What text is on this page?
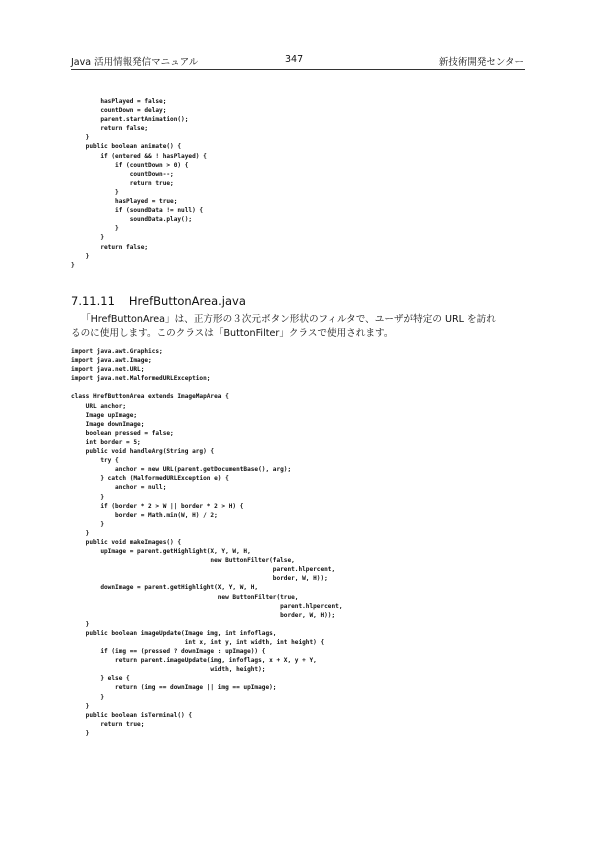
Java 活用情報発信マニュアル	347	新技術開発センター
hasPlayed = false;
countDown = delay;
parent.startAnimation();
return false;
}
public boolean animate() {
if (entered && ! hasPlayed) {
if (countDown > 0) {
countDown--;
return true;
}
hasPlayed = true;
if (soundData != null) {
soundData.play();
}
}
return false;
}
}
7.11.11 HrefButtonArea.java
「HrefButtonArea」は、正方形の３次元ボタン形状のフィルタで、ユーザが特定の URL を訪れ
るのに使用します。このクラスは「ButtonFilter」クラスで使用されます。
import java.awt.Graphics;
import java.awt.Image;
import java.net.URL;
import java.net.MalformedURLException;

class HrefButtonArea extends ImageMapArea {
URL anchor;
Image upImage;
Image downImage;
boolean pressed = false;
int border = 5;
public void handleArg(String arg) {
try {
anchor = new URL(parent.getDocumentBase(), arg);
} catch (MalformedURLException e) {
anchor = null;
}
if (border * 2 > W || border * 2 > H) {
border = Math.min(W, H) / 2;
}
}
public void makeImages() {
upImage = parent.getHighlight(X, Y, W, H,
new ButtonFilter(false,
parent.hlpercent,
border, W, H));
downImage = parent.getHighlight(X, Y, W, H,
new ButtonFilter(true,
parent.hlpercent,
border, W, H));
}
public boolean imageUpdate(Image img, int infoflags,
int x, int y, int width, int height) {
if (img == (pressed ? downImage : upImage)) {
return parent.imageUpdate(img, infoflags, x + X, y + Y,
width, height);
} else {
return (img == downImage || img == upImage);
}
}
public boolean isTerminal() {
return true;
}
